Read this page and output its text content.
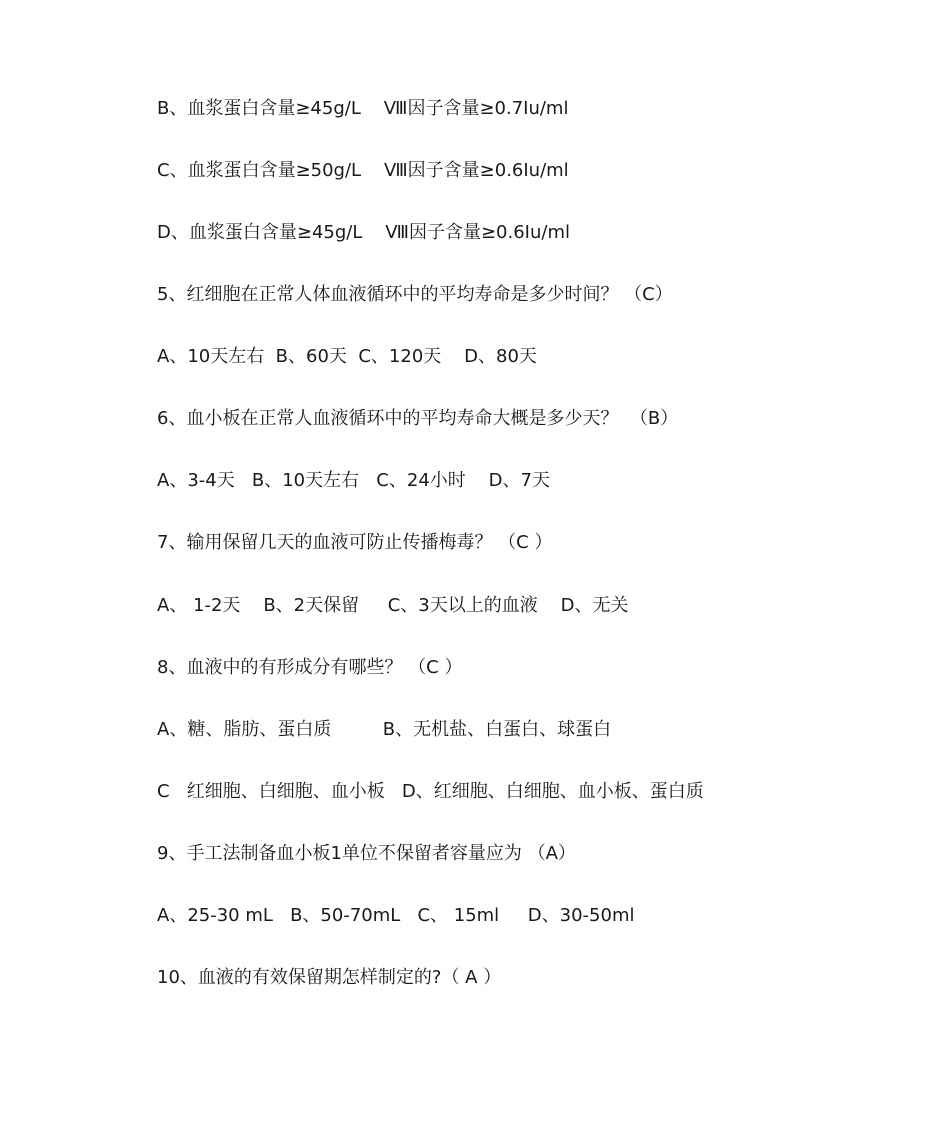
B、血浆蛋白含量≥45g/L    Ⅷ因子含量≥0.7Iu/ml
C、血浆蛋白含量≥50g/L    Ⅷ因子含量≥0.6Iu/ml
D、血浆蛋白含量≥45g/L    Ⅷ因子含量≥0.6Iu/ml
5、红细胞在正常人体血液循环中的平均寿命是多少时间？ （C）
A、10天左右  B、60天  C、120天    D、80天
6、血小板在正常人血液循环中的平均寿命大概是多少天？  （B）
A、3-4天   B、10天左右   C、24小时    D、7天
7、输用保留几天的血液可防止传播梅毒？ （C ）
A、 1-2天    B、2天保留     C、3天以上的血液    D、无关
8、血液中的有形成分有哪些？ （C ）
A、糖、脂肪、蛋白质         B、无机盐、白蛋白、球蛋白
C   红细胞、白细胞、血小板   D、红细胞、白细胞、血小板、蛋白质
9、手工法制备血小板1单位不保留者容量应为 （A）
A、25-30 mL   B、50-70mL   C、 15ml     D、30-50ml
10、血液的有效保留期怎样制定的?（ A ）
